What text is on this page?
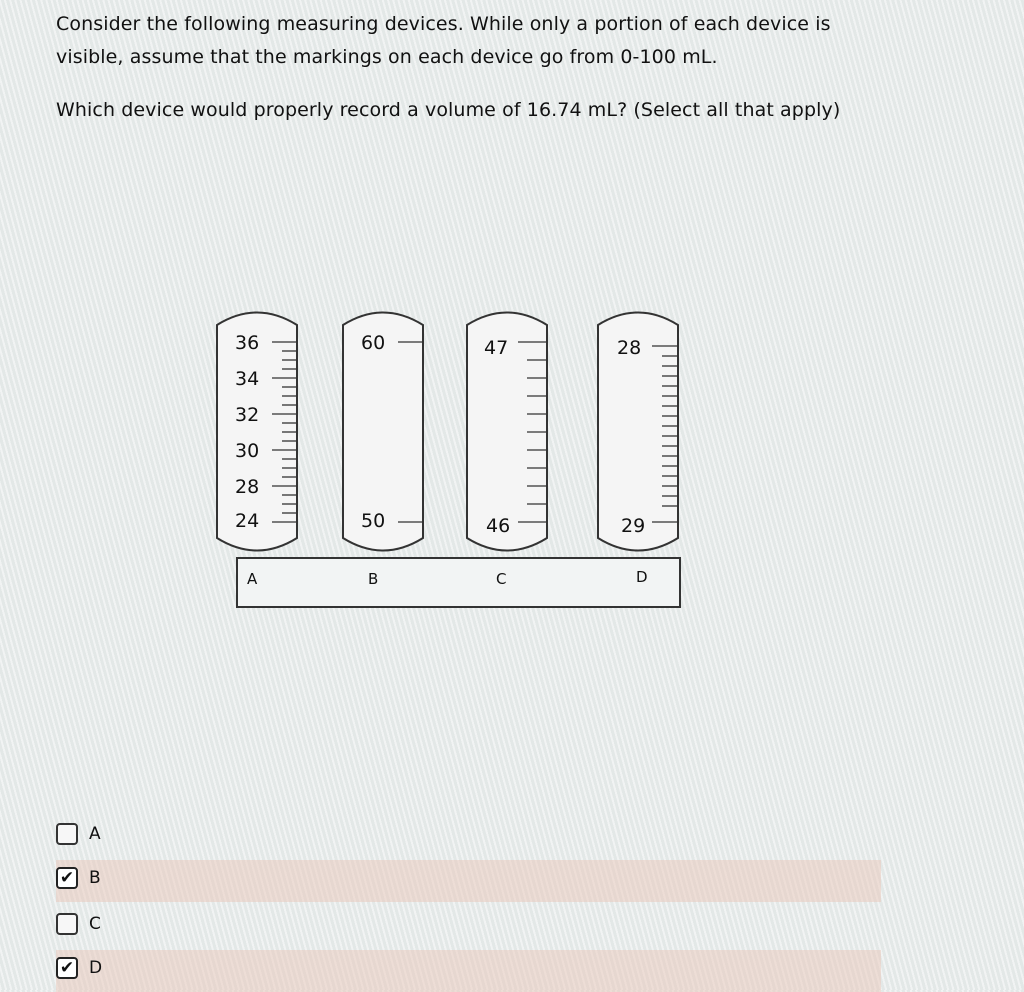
Consider the following measuring devices. While only a portion of each device is

visible, assume that the markings on each device go from 0-100 mL.

Which device would properly record a volume of 16.74 mL? (Select all that apply)

36
34
32
30
28
24
60
50
47
46
28
29
A	B	C	D
A
✔ B
C
✔ D
